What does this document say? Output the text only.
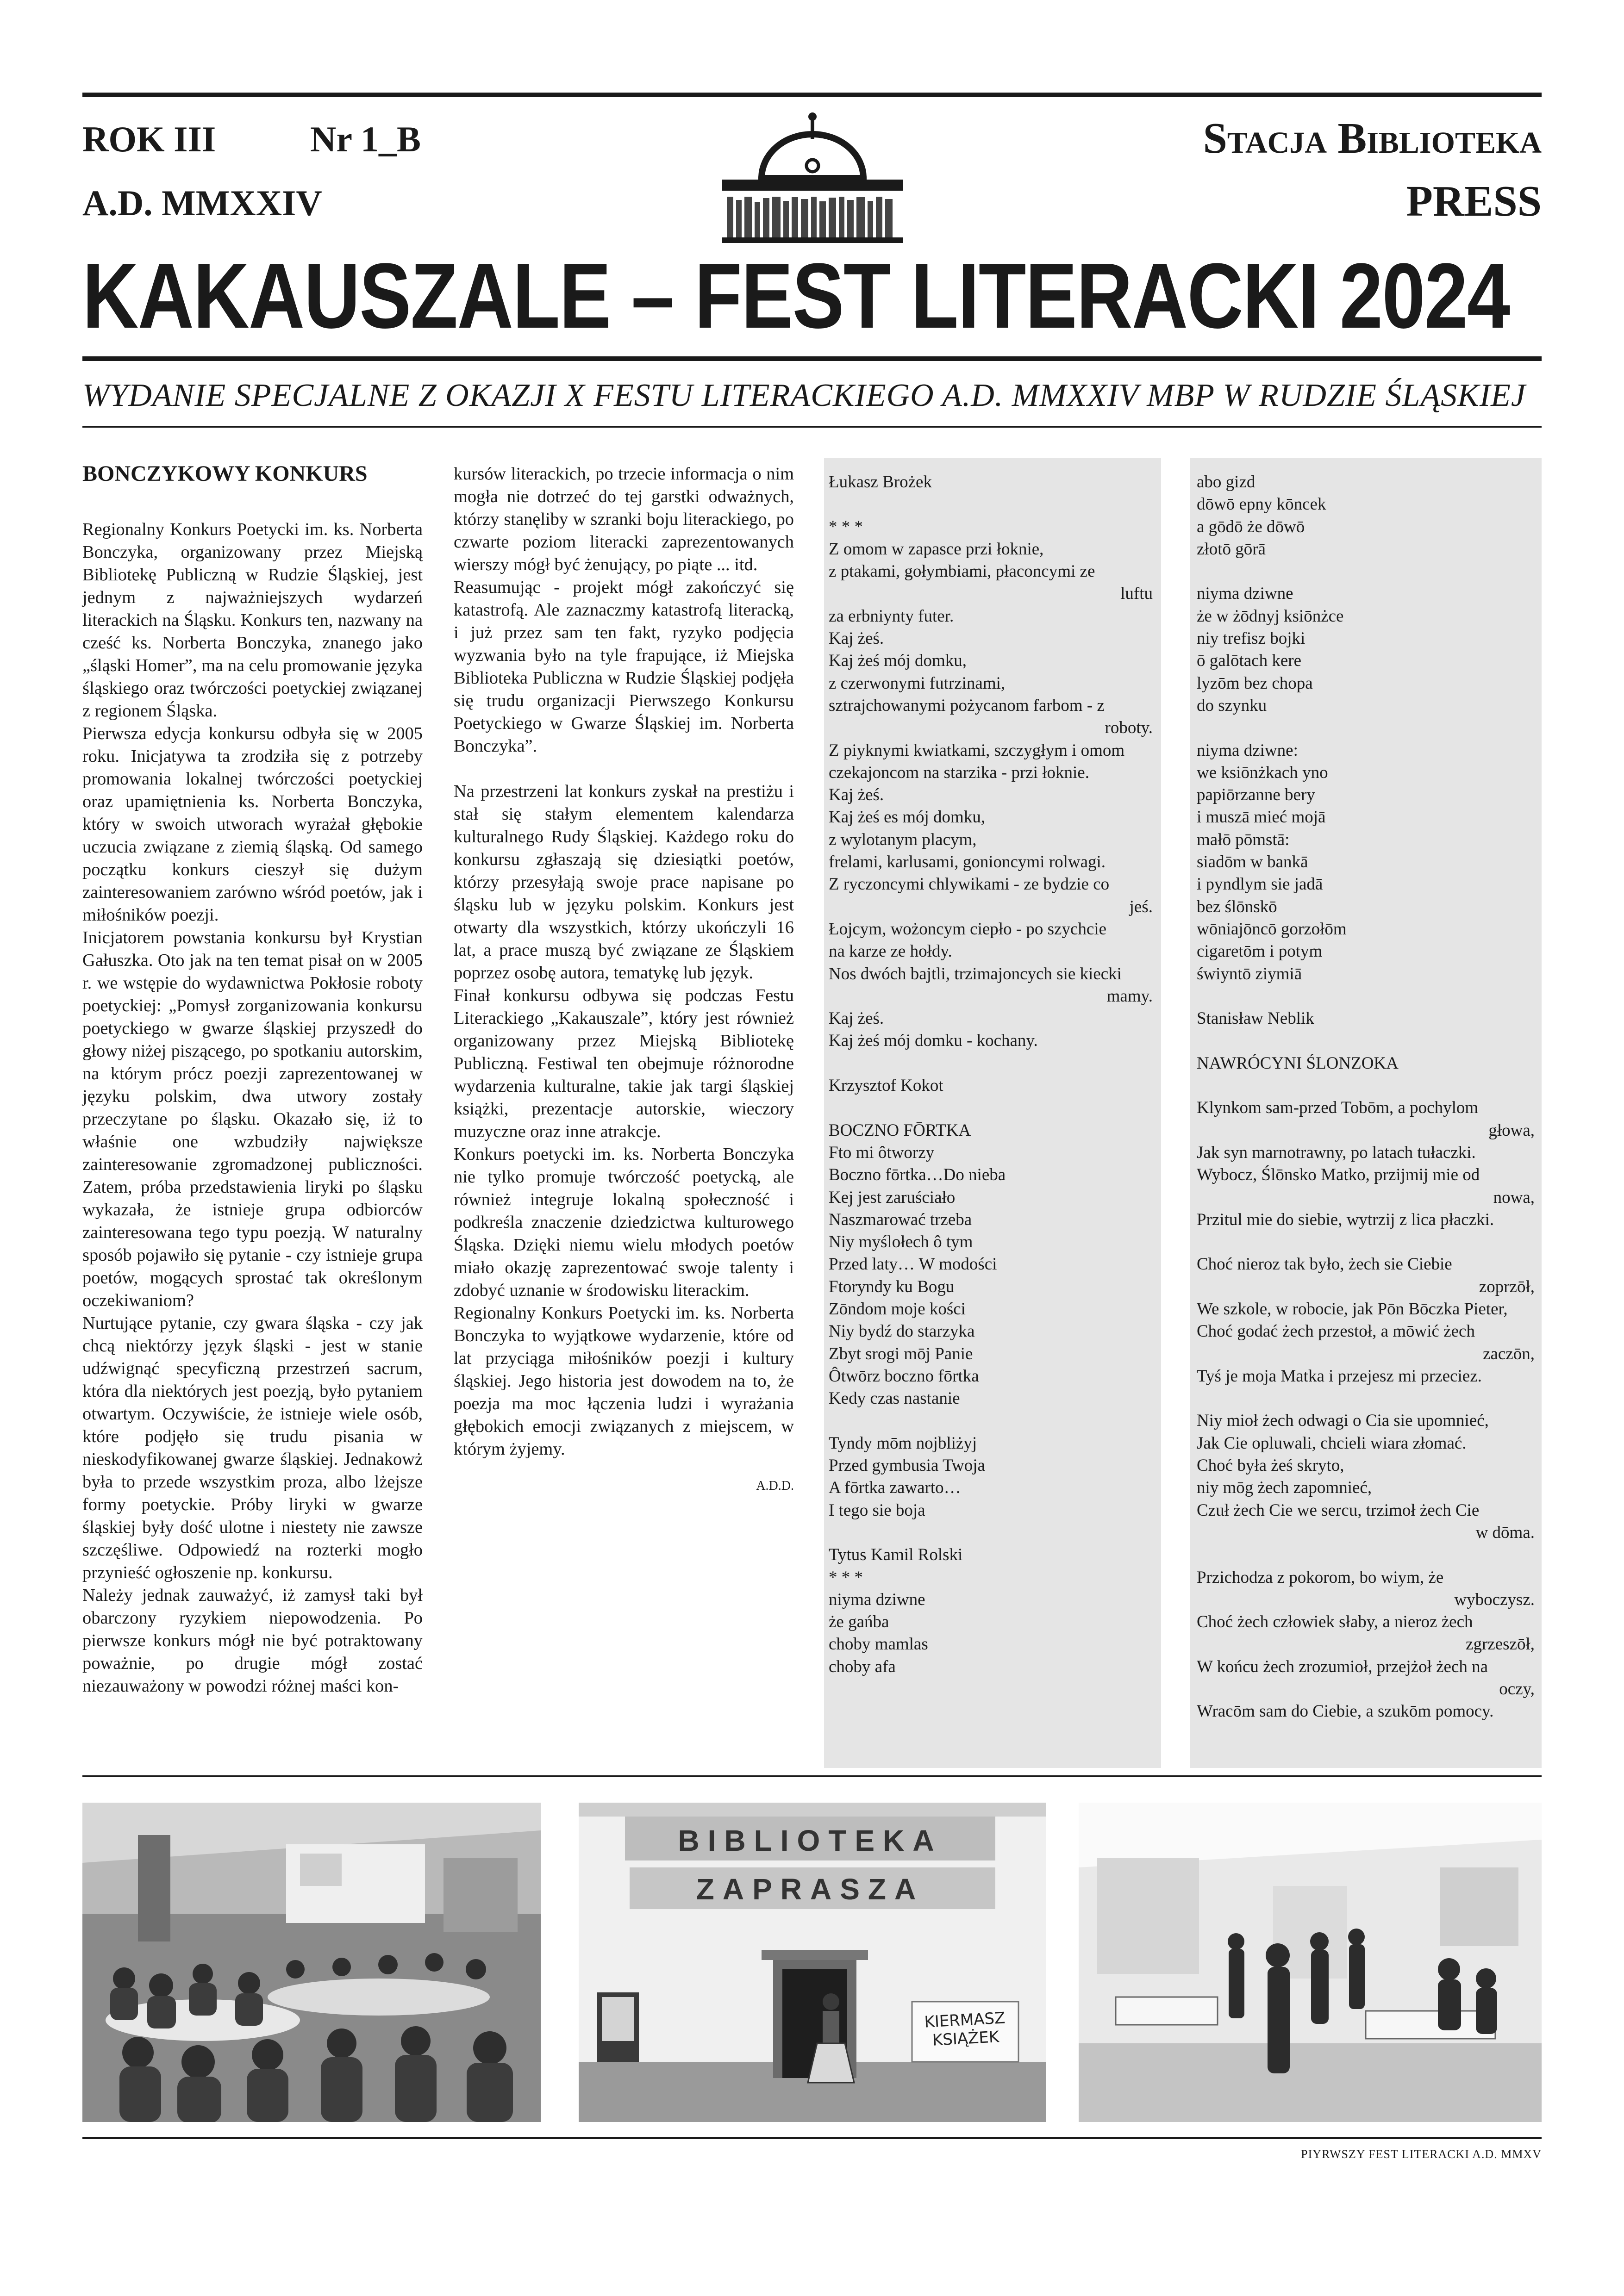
ROK III	Nr 1_B
A.D. MMXXIV
Stacja Biblioteka
PRESS
KAKAUSZALE – FEST LITERACKI 2024
WYDANIE SPECJALNE Z OKAZJI X FESTU LITERACKIEGO A.D. MMXXIV MBP W RUDZIE ŚLĄSKIEJ
BONCZYKOWY KONKURS

Regionalny Konkurs Poetycki im. ks. Norberta Bonczyka, organizowany przez Miejską Bibliotekę Publiczną w Rudzie Śląskiej, jest jednym z najważniejszych wydarzeń literackich na Śląsku. Konkurs ten, nazwany na cześć ks. Norberta Bonczyka, znanego jako „śląski Homer”, ma na celu promowanie języka śląskiego oraz twórczości poetyckiej związanej z regionem Śląska.

Pierwsza edycja konkursu odbyła się w 2005 roku. Inicjatywa ta zrodziła się z potrzeby promowania lokalnej twórczości poetyckiej oraz upamiętnienia ks. Norberta Bonczyka, który w swoich utworach wyrażał głębokie uczucia związane z ziemią śląską. Od samego początku konkurs cieszył się dużym zainteresowaniem zarówno wśród poetów, jak i miłośników poezji.

Inicjatorem powstania konkursu był Krystian Gałuszka. Oto jak na ten temat pisał on w 2005 r. we wstępie do wydawnictwa Pokłosie roboty poetyckiej: „Pomysł zorganizowania konkursu poetyckiego w gwarze śląskiej przyszedł do głowy niżej piszącego, po spotkaniu autorskim, na którym prócz poezji zaprezentowanej w języku polskim, dwa utwory zostały przeczytane po śląsku. Okazało się, iż to właśnie one wzbudziły największe zainteresowanie zgromadzonej publiczności. Zatem, próba przedstawienia liryki po śląsku wykazała, że istnieje grupa odbiorców zainteresowana tego typu poezją. W naturalny sposób pojawiło się pytanie - czy istnieje grupa poetów, mogących sprostać tak określonym oczekiwaniom?

Nurtujące pytanie, czy gwara śląska - czy jak chcą niektórzy język śląski - jest w stanie udźwignąć specyficzną przestrzeń sacrum, która dla niektórych jest poezją, było pytaniem otwartym. Oczywiście, że istnieje wiele osób, które podjęło się trudu pisania w nieskodyfikowanej gwarze śląskiej. Jednakowż była to przede wszystkim proza, albo lżejsze formy poetyckie. Próby liryki w gwarze śląskiej były dość ulotne i niestety nie zawsze szczęśliwe. Odpowiedź na rozterki mogło przynieść ogłoszenie np. konkursu.

Należy jednak zauważyć, iż zamysł taki był obarczony ryzykiem niepowodzenia. Po pierwsze konkurs mógł nie być potraktowany poważnie, po drugie mógł zostać niezauważony w powodzi różnej maści kon-

kursów literackich, po trzecie informacja o nim mogła nie dotrzeć do tej garstki odważnych, którzy stanęliby w szranki boju literackiego, po czwarte poziom literacki zaprezentowanych wierszy mógł być żenujący, po piąte ... itd.

Reasumując - projekt mógł zakończyć się katastrofą. Ale zaznaczmy katastrofą literacką, i już przez sam ten fakt, ryzyko podjęcia wyzwania było na tyle frapujące, iż Miejska Biblioteka Publiczna w Rudzie Śląskiej podjęła się trudu organizacji Pierwszego Konkursu Poetyckiego w Gwarze Śląskiej im. Norberta Bonczyka”.

Na przestrzeni lat konkurs zyskał na prestiżu i stał się stałym elementem kalendarza kulturalnego Rudy Śląskiej. Każdego roku do konkursu zgłaszają się dziesiątki poetów, którzy przesyłają swoje prace napisane po śląsku lub w języku polskim. Konkurs jest otwarty dla wszystkich, którzy ukończyli 16 lat, a prace muszą być związane ze Śląskiem poprzez osobę autora, tematykę lub język.

Finał konkursu odbywa się podczas Festu Literackiego „Kakauszale”, który jest również organizowany przez Miejską Bibliotekę Publiczną. Festiwal ten obejmuje różnorodne wydarzenia kulturalne, takie jak targi śląskiej książki, prezentacje autorskie, wieczory muzyczne oraz inne atrakcje.

Konkurs poetycki im. ks. Norberta Bonczyka nie tylko promuje twórczość poetycką, ale również integruje lokalną społeczność i podkreśla znaczenie dziedzictwa kulturowego Śląska. Dzięki niemu wielu młodych poetów miało okazję zaprezentować swoje talenty i zdobyć uznanie w środowisku literackim.

Regionalny Konkurs Poetycki im. ks. Norberta Bonczyka to wyjątkowe wydarzenie, które od lat przyciąga miłośników poezji i kultury śląskiej. Jego historia jest dowodem na to, że poezja ma moc łączenia ludzi i wyrażania głębokich emocji związanych z miejscem, w którym żyjemy.

A.D.D.
Łukasz Brożek
* * *
Z omom w zapasce przi łoknie,
z ptakami, gołymbiami, płaconcymi ze
luftu
za erbniynty futer.
Kaj żeś.
Kaj żeś mój domku,
z czerwonymi futrzinami,
sztrajchowanymi pożycanom farbom - z
roboty.
Z piyknymi kwiatkami, szczygłym i omom
czekajoncom na starzika - przi łoknie.
Kaj żeś.
Kaj żeś es mój domku,
z wylotanym placym,
frelami, karlusami, gonioncymi rolwagi.
Z ryczoncymi chlywikami - ze bydzie co
jeś.
Łojcym, wożoncym ciepło - po szychcie
na karze ze hołdy.
Nos dwóch bajtli, trzimajoncych sie kiecki
mamy.
Kaj żeś.
Kaj żeś mój domku - kochany.
Krzysztof Kokot
BOCZNO FŌRTKA
Fto mi ôtworzy
Boczno fōrtka…Do nieba
Kej jest zaruściało
Naszmarować trzeba
Niy myślołech ô tym
Przed laty… W modości
Ftoryndy ku Bogu
Zōndom moje kości
Niy bydź do starzyka
Zbyt srogi mōj Panie
Ôtwōrz boczno fōrtka
Kedy czas nastanie
Tyndy mōm nojbliżyj
Przed gymbusia Twoja
A fōrtka zawarto…
I tego sie boja
Tytus Kamil Rolski
* * *
niyma dziwne
że gańba
choby mamlas
choby afa
abo gizd
dōwō epny kōncek
a gōdō że dōwō
złotō gōrā
niyma dziwne
że w żōdnyj ksiōnżce
niy trefisz bojki
ō galōtach kere
lyzōm bez chopa
do szynku
niyma dziwne:
we ksiōnżkach yno
papiōrzanne bery
i muszā mieć mojā
małō pōmstā:
siadōm w bankā
i pyndlym sie jadā
bez ślōnskō
wōniajōncō gorzołōm
cigaretōm i potym
świyntō ziymiā
Stanisław Neblik
NAWRÓCYNI ŚLONZOKA
Klynkom sam-przed Tobōm, a pochylom
głowa,
Jak syn marnotrawny, po latach tułaczki.
Wybocz, Ślōnsko Matko, przijmij mie od
nowa,
Przitul mie do siebie, wytrzij z lica płaczki.
Choć nieroz tak było, żech sie Ciebie
zoprzōł,
We szkole, w robocie, jak Pōn Bōczka Pieter,
Choć godać żech przestoł, a mōwić żech
zaczōn,
Tyś je moja Matka i przejesz mi przeciez.
Niy mioł żech odwagi o Cia sie upomnieć,
Jak Cie opluwali, chcieli wiara złomać.
Choć była żeś skryto,
niy mōg żech zapomnieć,
Czuł żech Cie we sercu, trzimoł żech Cie
w dōma.
Przichodza z pokorom, bo wiym, że
wyboczysz.
Choć żech człowiek słaby, a nieroz żech
zgrzeszōł,
W końcu żech zrozumioł, przejżoł żech na
oczy,
Wracōm sam do Ciebie, a szukōm pomocy.
BIBLIOTEKA
ZAPRASZA
KIERMASZ
KSIĄŻEK
PIYRWSZY FEST LITERACKI A.D. MMXV
